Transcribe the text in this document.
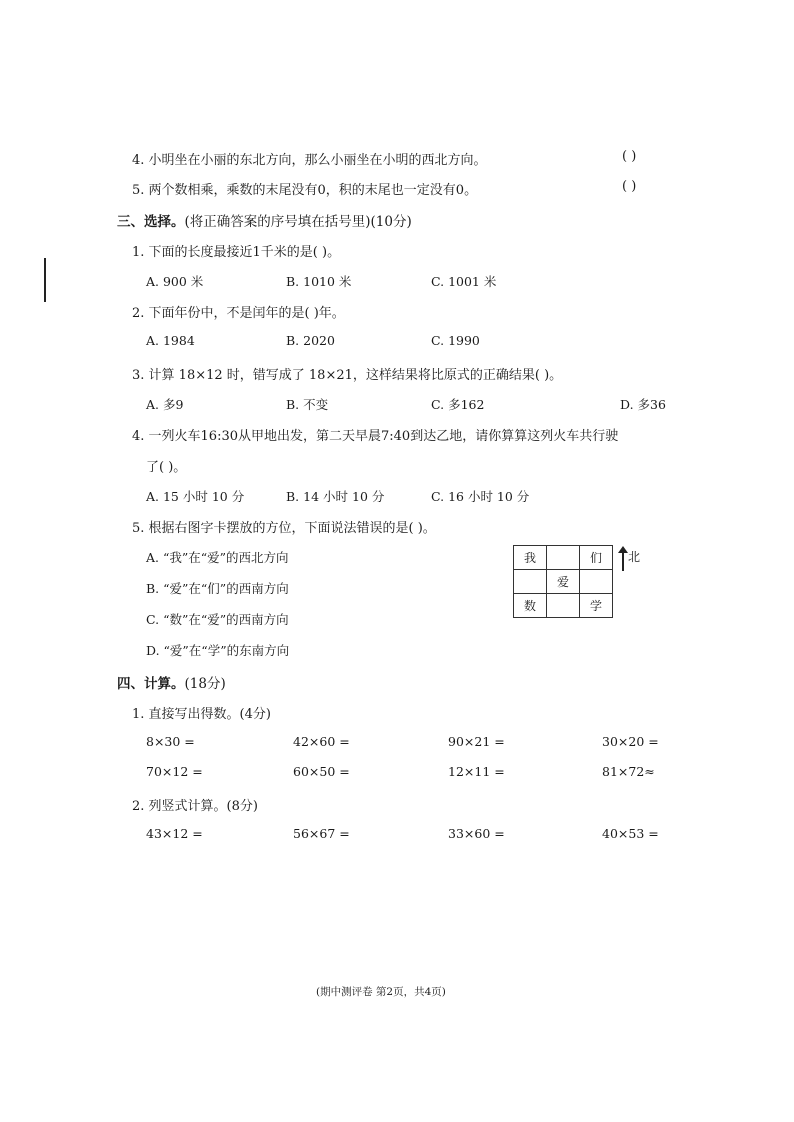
4. 小明坐在小丽的东北方向，那么小丽坐在小明的西北方向。	( )
5. 两个数相乘，乘数的末尾没有0，积的末尾也一定没有0。	( )
三、选择。(将正确答案的序号填在括号里)(10分)
1. 下面的长度最接近1千米的是( )。
A. 900 米	B. 1010 米	C. 1001 米
2. 下面年份中，不是闰年的是( )年。
A. 1984	B. 2020	C. 1990
3. 计算 18×12 时，错写成了 18×21，这样结果将比原式的正确结果( )。
A. 多9	B. 不变	C. 多162	D. 多36
4. 一列火车16:30从甲地出发，第二天早晨7:40到达乙地，请你算算这列火车共行驶
了( )。
A. 15 小时 10 分	B. 14 小时 10 分	C. 16 小时 10 分
5. 根据右图字卡摆放的方位，下面说法错误的是( )。
A. “我”在“爱”的西北方向
B. “爱”在“们”的西南方向
C. “数”在“爱”的西南方向
D. “爱”在“学”的东南方向
我		们
	爱	
数		学
北
四、计算。(18分)
1. 直接写出得数。(4分)
8×30 =	42×60 =	90×21 =	30×20 =
70×12 =	60×50 =	12×11 =	81×72≈
2. 列竖式计算。(8分)
43×12 =	56×67 =	33×60 =	40×53 =
(期中测评卷 第2页，共4页)
